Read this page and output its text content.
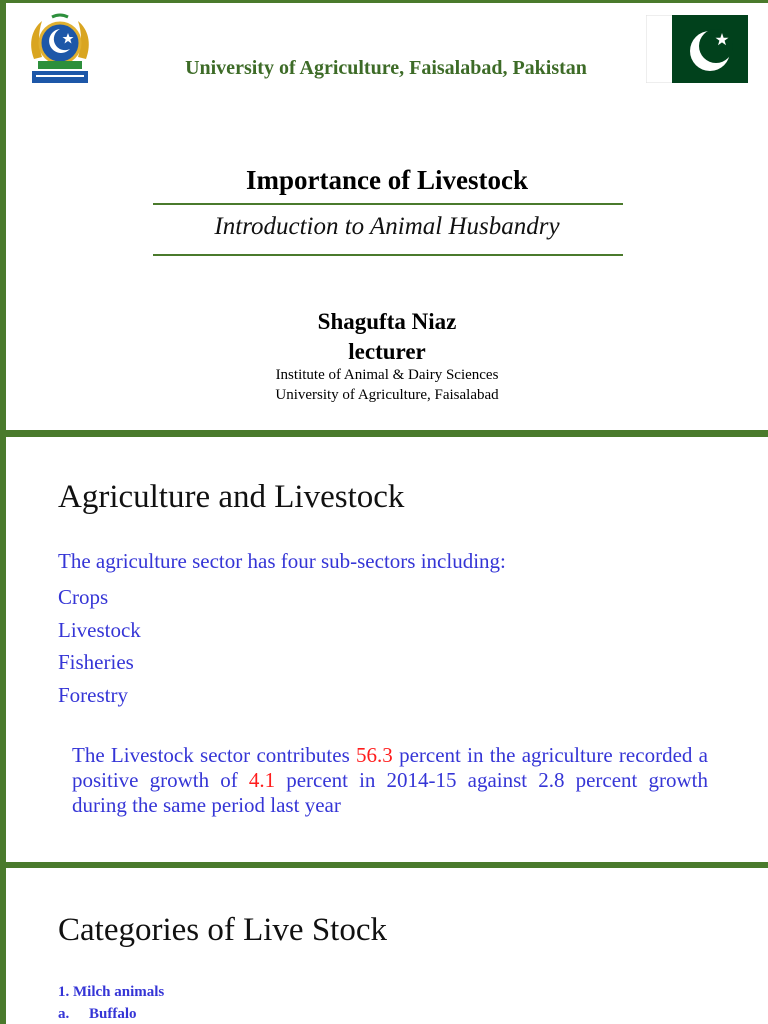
University of Agriculture, Faisalabad, Pakistan
Importance of Livestock
Introduction to Animal Husbandry
Shagufta Niaz
lecturer
Institute of Animal & Dairy Sciences
University of Agriculture, Faisalabad
Agriculture and Livestock
The agriculture sector has four sub-sectors including:
Crops
Livestock
Fisheries
Forestry
The Livestock sector contributes 56.3 percent in the agriculture recorded a positive growth of 4.1 percent in 2014-15 against 2.8 percent growth during the same period last year
Categories of Live Stock
1. Milch animals
a. Buffalo
